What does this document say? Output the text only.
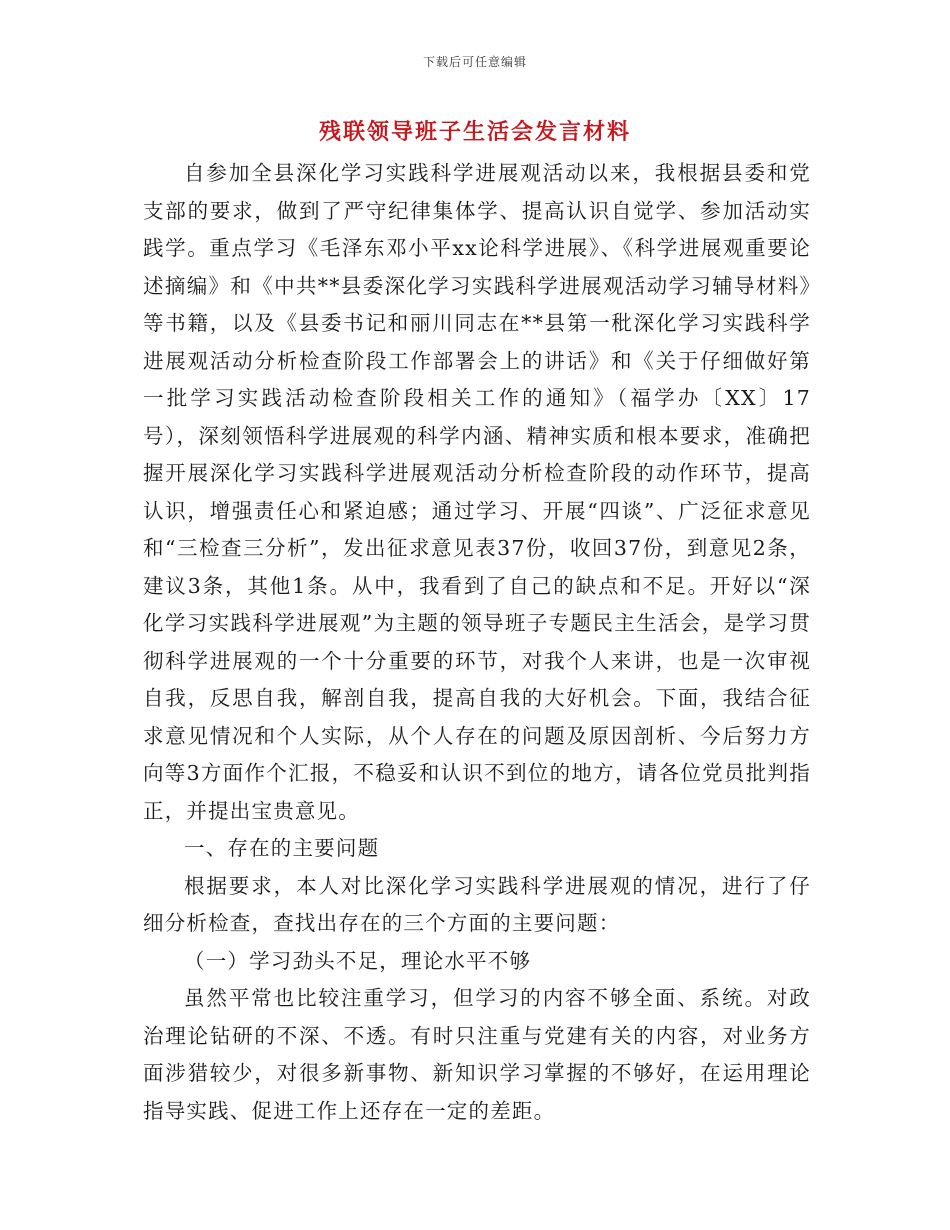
下载后可任意编辑
残联领导班子生活会发言材料

自参加全县深化学习实践科学进展观活动以来，我根据县委和党支部的要求，做到了严守纪律集体学、提高认识自觉学、参加活动实践学。重点学习《毛泽东邓小平xx论科学进展》、《科学进展观重要论述摘编》和《中共**县委深化学习实践科学进展观活动学习辅导材料》等书籍，以及《县委书记和丽川同志在**县第一秕深化学习实践科学进展观活动分析检查阶段工作部署会上的讲话》和《关于仔细做好第一批学习实践活动检查阶段相关工作的通知》（福学办〔XX〕17号），深刻领悟科学进展观的科学内涵、精神实质和根本要求，准确把握开展深化学习实践科学进展观活动分析检查阶段的动作环节，提高认识，增强责任心和紧迫感；通过学习、开展“四谈”、广泛征求意见和“三检查三分析”，发出征求意见表37份，收回37份，到意见2条，建议3条，其他1条。从中，我看到了自己的缺点和不足。开好以“深化学习实践科学进展观”为主题的领导班子专题民主生活会，是学习贯彻科学进展观的一个十分重要的环节，对我个人来讲，也是一次审视自我，反思自我，解剖自我，提高自我的大好机会。下面，我结合征求意见情况和个人实际，从个人存在的问题及原因剖析、今后努力方向等3方面作个汇报，不稳妥和认识不到位的地方，请各位党员批判指正，并提出宝贵意见。

一、存在的主要问题

根据要求，本人对比深化学习实践科学进展观的情况，进行了仔细分析检查，查找出存在的三个方面的主要问题：

（一）学习劲头不足，理论水平不够

虽然平常也比较注重学习，但学习的内容不够全面、系统。对政治理论钻研的不深、不透。有时只注重与党建有关的内容，对业务方面涉猎较少，对很多新事物、新知识学习掌握的不够好，在运用理论指导实践、促进工作上还存在一定的差距。
